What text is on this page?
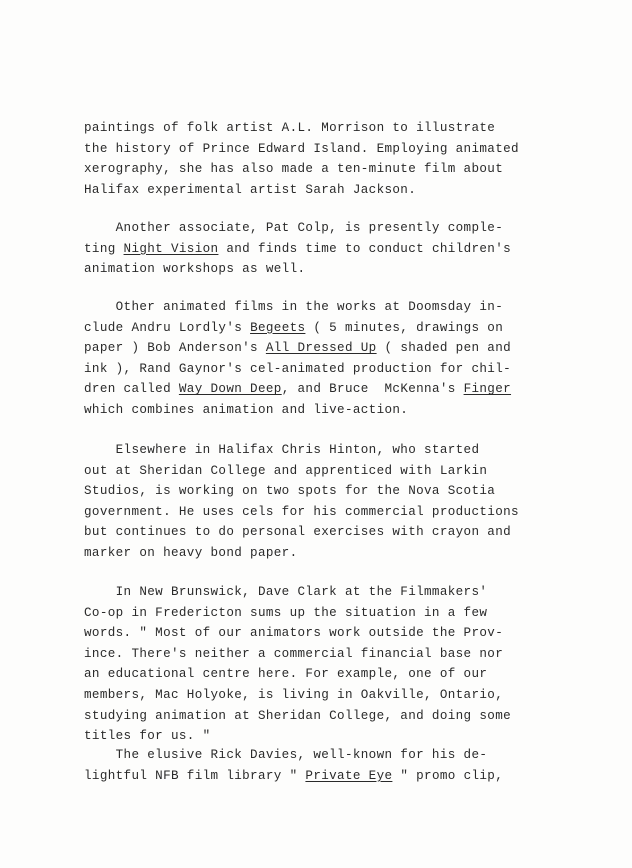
paintings of folk artist A.L. Morrison to illustrate
the history of Prince Edward Island. Employing animated
xerography, she has also made a ten-minute film about
Halifax experimental artist Sarah Jackson.
Another associate, Pat Colp, is presently comple-
ting Night Vision and finds time to conduct children's
animation workshops as well.
Other animated films in the works at Doomsday in-
clude Andru Lordly's Begeets ( 5 minutes, drawings on
paper ) Bob Anderson's All Dressed Up ( shaded pen and
ink ), Rand Gaynor's cel-animated production for chil-
dren called Way Down Deep, and Bruce  McKenna's Finger
which combines animation and live-action.
Elsewhere in Halifax Chris Hinton, who started
out at Sheridan College and apprenticed with Larkin
Studios, is working on two spots for the Nova Scotia
government. He uses cels for his commercial productions
but continues to do personal exercises with crayon and
marker on heavy bond paper.
In New Brunswick, Dave Clark at the Filmmakers'
Co-op in Fredericton sums up the situation in a few
words. " Most of our animators work outside the Prov-
ince. There's neither a commercial financial base nor
an educational centre here. For example, one of our
members, Mac Holyoke, is living in Oakville, Ontario,
studying animation at Sheridan College, and doing some
titles for us. "
The elusive Rick Davies, well-known for his de-
lightful NFB film library " Private Eye " promo clip,
